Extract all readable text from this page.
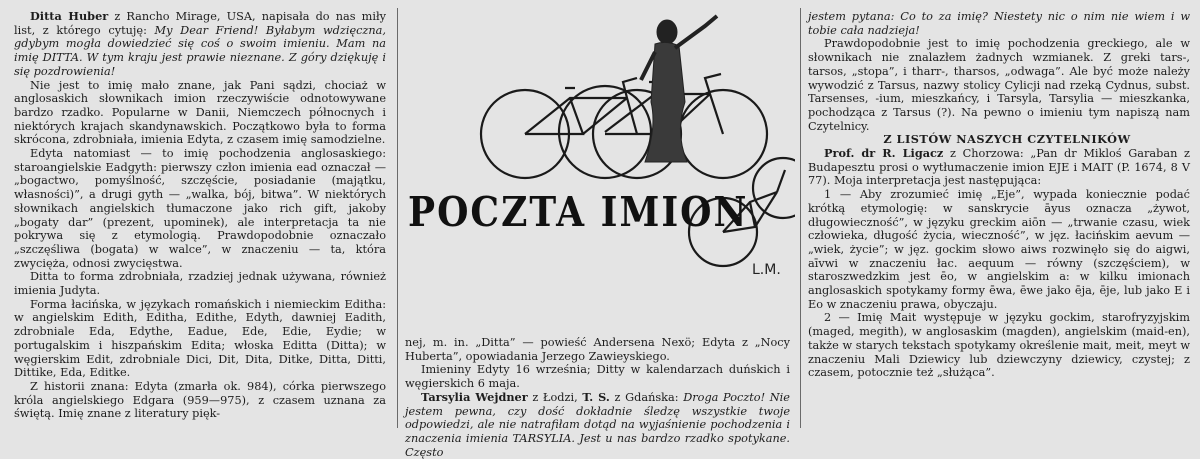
Ditta Huber z Rancho Mirage, USA, napisała do nas miły list, z którego cytuję: My Dear Friend! Byłabym wdzięczna, gdybym mogła dowiedzieć się coś o swoim imieniu. Mam na imię DITTA. W tym kraju jest prawie nieznane. Z góry dziękuję i się pozdrowienia!

Nie jest to imię mało znane, jak Pani sądzi, chociaż w anglosaskich słownikach imion rzeczywiście odnotowywane bardzo rzadko. Popularne w Danii, Niemczech północnych i niektórych krajach skandynawskich. Początkowo była to forma skrócona, zdrobniała, imienia Edyta, z czasem imię samodzielne.

Edyta natomiast — to imię pochodzenia anglosaskiego: staroangielskie Eadgyth: pierwszy człon imienia ead oznaczał — „bogactwo, pomyślność, szczęście, posiadanie (majątku, własności)”, a drugi gyth — „walka, bój, bitwa”. W niektórych słownikach angielskich tłumaczone jako rich gift, jakoby „bogaty dar” (prezent, upominek), ale interpretacja ta nie pokrywa się z etymologią. Prawdopodobnie oznaczało „szczęśliwa (bogata) w walce”, w znaczeniu — ta, która zwycięża, odnosi zwycięstwa.

Ditta to forma zdrobniała, rzadziej jednak używana, również imienia Judyta.

Forma łacińska, w językach romańskich i niemieckim Editha: w angielskim Edith, Editha, Edithe, Edyth, dawniej Eadith, zdrobniale Eda, Edythe, Eadue, Ede, Edie, Eydie; w portugalskim i hiszpańskim Edita; włoska Editta (Ditta); w węgierskim Edit, zdrobniale Dici, Dit, Dita, Ditke, Ditta, Ditti, Dittike, Eda, Editke.

Z historii znana: Edyta (zmarła ok. 984), córka pierwszego króla angielskiego Edgara (959—975), z czasem uznana za świętą. Imię znane z literatury pięk-

POCZTA IMION
L.M.

nej, m. in. „Ditta” — powieść Andersena Nexö; Edyta z „Nocy Huberta”, opowiadania Jerzego Zawieyskiego.

Imieniny Edyty 16 września; Ditty w kalendarzach duńskich i węgierskich 6 maja.

Tarsylia Wejdner z Łodzi, T. S. z Gdańska: Droga Poczto! Nie jestem pewna, czy dość dokładnie śledzę wszystkie twoje odpowiedzi, ale nie natrafiłam dotąd na wyjaśnienie pochodzenia i znaczenia imienia TARSYLIA. Jest u nas bardzo rzadko spotykane. Często

jestem pytana: Co to za imię? Niestety nic o nim nie wiem i w tobie cała nadzieja!

Prawdopodobnie jest to imię pochodzenia greckiego, ale w słownikach nie znalazłem żadnych wzmianek. Z greki tars-, tarsos, „stopa”, i tharr-, tharsos, „odwaga”. Ale być może należy wywodzić z Tarsus, nazwy stolicy Cylicji nad rzeką Cydnus, subst. Tarsenses, -ium, mieszkańcy, i Tarsyla, Tarsylia — mieszkanka, pochodząca z Tarsus (?). Na pewno o imieniu tym napiszą nam Czytelnicy.

Z LISTÓW NASZYCH CZYTELNIKÓW

Prof. dr R. Ligacz z Chorzowa: „Pan dr Mikloś Garaban z Budapesztu prosi o wytłumaczenie imion EJE i MAIT (P. 1674, 8 V 77). Moja interpretacja jest następująca:

1 — Aby zrozumieć imię „Eje”, wypada koniecznie podać krótką etymologię: w sanskrycie āyus oznacza „żywot, długowieczność”, w języku greckim aiōn — „trwanie czasu, wiek człowieka, długość życia, wieczność”, w jęz. łacińskim aevum — „wiek, życie”; w jęz. gockim słowo aiws rozwinęło się do aigwi, aīvwi w znaczeniu łac. aequum — równy (szczęściem), w staroszwedzkim jest ēo, w angielskim a: w kilku imionach anglosaskich spotykamy formy ēwa, ēwe jako ēja, ēje, lub jako E i Eo w znaczeniu prawa, obyczaju.

2 — Imię Mait występuje w języku gockim, starofryzyjskim (maged, megith), w anglosaskim (magden), angielskim (maid-en), także w starych tekstach spotykamy określenie mait, meit, meyt w znaczeniu Mali Dziewicy lub dziewczyny dziewicy, czystej; z czasem, potocznie też „służąca”.
